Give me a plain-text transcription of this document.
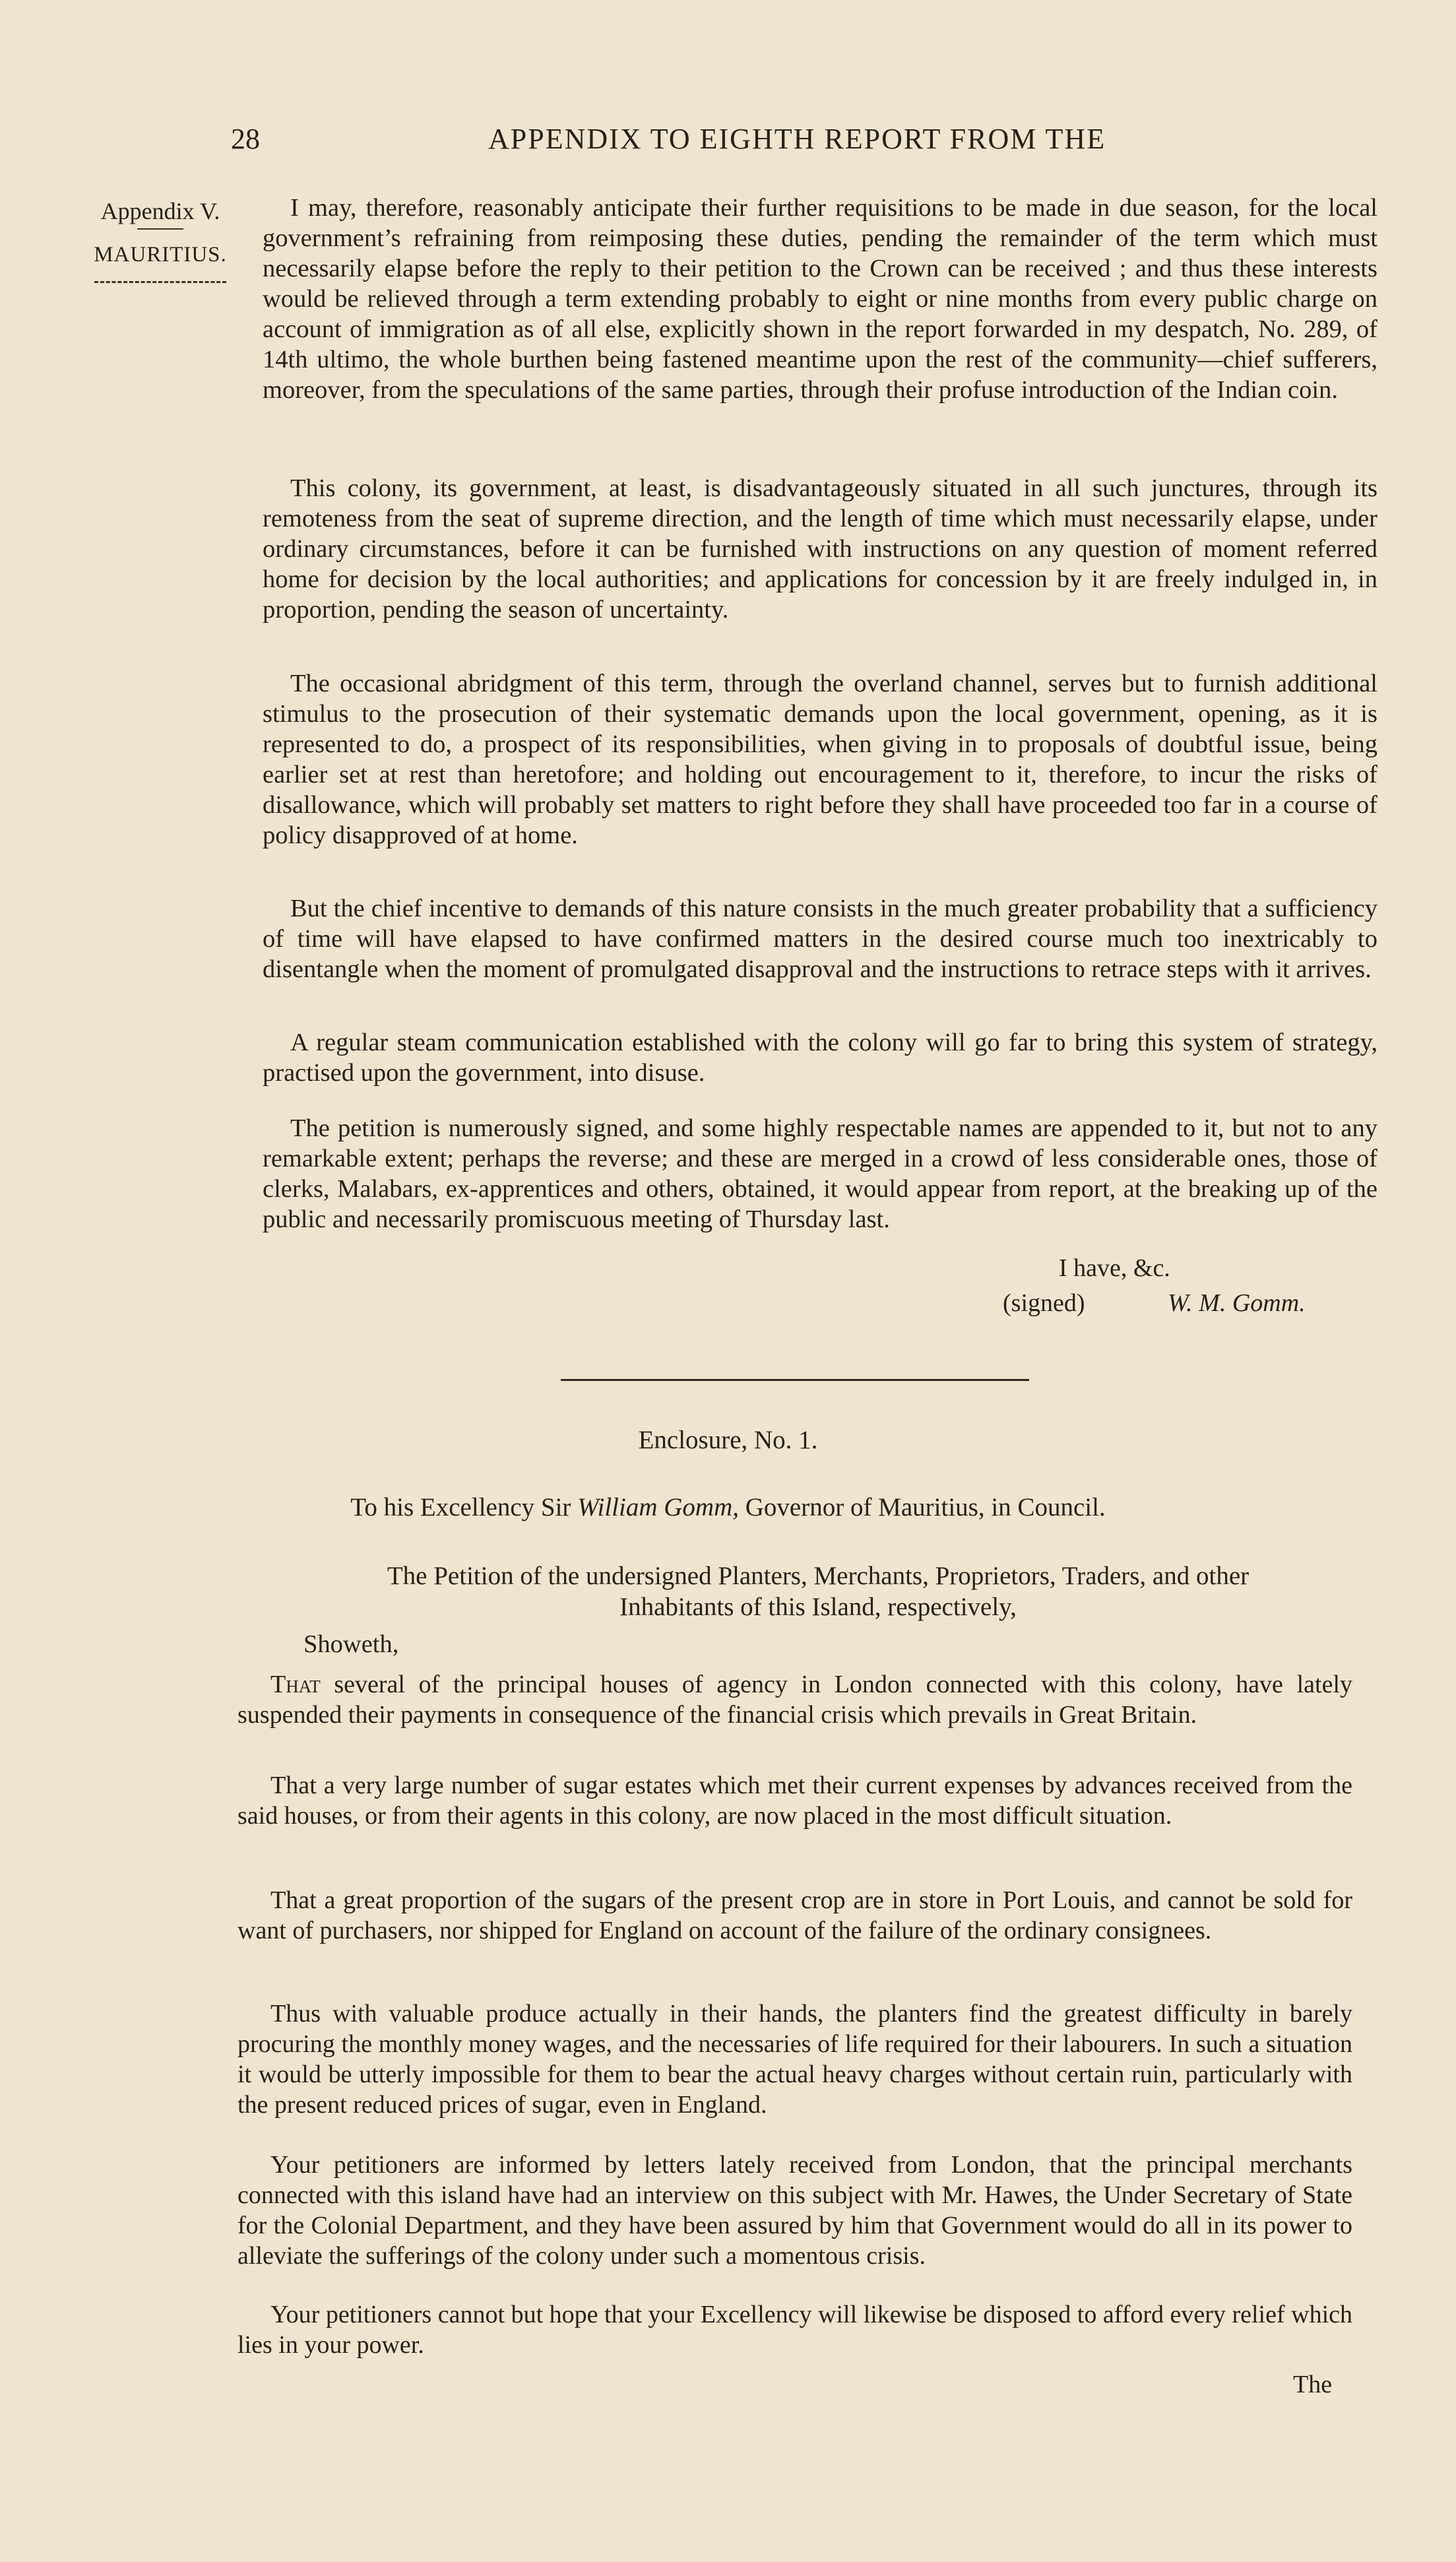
28	APPENDIX TO EIGHTH REPORT FROM THE
Appendix V.
MAURITIUS.

I may, therefore, reasonably anticipate their further requisitions to be made in due season, for the local government’s refraining from reimposing these duties, pending the remainder of the term which must necessarily elapse before the reply to their petition to the Crown can be received ; and thus these interests would be relieved through a term extending probably to eight or nine months from every public charge on account of immigration as of all else, explicitly shown in the report forwarded in my despatch, No. 289, of 14th ultimo, the whole burthen being fastened meantime upon the rest of the community—chief sufferers, moreover, from the speculations of the same parties, through their profuse introduction of the Indian coin.

This colony, its government, at least, is disadvantageously situated in all such junctures, through its remoteness from the seat of supreme direction, and the length of time which must necessarily elapse, under ordinary circumstances, before it can be furnished with instructions on any question of moment referred home for decision by the local authorities; and applications for concession by it are freely indulged in, in proportion, pending the season of uncertainty.

The occasional abridgment of this term, through the overland channel, serves but to furnish additional stimulus to the prosecution of their systematic demands upon the local government, opening, as it is represented to do, a prospect of its responsibilities, when giving in to proposals of doubtful issue, being earlier set at rest than heretofore; and holding out encouragement to it, therefore, to incur the risks of disallowance, which will probably set matters to right before they shall have proceeded too far in a course of policy disapproved of at home.

But the chief incentive to demands of this nature consists in the much greater probability that a sufficiency of time will have elapsed to have confirmed matters in the desired course much too inextricably to disentangle when the moment of promulgated disapproval and the instructions to retrace steps with it arrives.

A regular steam communication established with the colony will go far to bring this system of strategy, practised upon the government, into disuse.

The petition is numerously signed, and some highly respectable names are appended to it, but not to any remarkable extent; perhaps the reverse; and these are merged in a crowd of less considerable ones, those of clerks, Malabars, ex-apprentices and others, obtained, it would appear from report, at the breaking up of the public and necessarily promiscuous meeting of Thursday last.

I have, &c.
(signed)	W. M. Gomm.
Enclosure, No. 1.
To his Excellency Sir William Gomm, Governor of Mauritius, in Council.
The Petition of the undersigned Planters, Merchants, Proprietors, Traders, and other
Inhabitants of this Island, respectively,
Showeth,

That several of the principal houses of agency in London connected with this colony, have lately suspended their payments in consequence of the financial crisis which prevails in Great Britain.

That a very large number of sugar estates which met their current expenses by advances received from the said houses, or from their agents in this colony, are now placed in the most difficult situation.

That a great proportion of the sugars of the present crop are in store in Port Louis, and cannot be sold for want of purchasers, nor shipped for England on account of the failure of the ordinary consignees.

Thus with valuable produce actually in their hands, the planters find the greatest difficulty in barely procuring the monthly money wages, and the necessaries of life required for their labourers. In such a situation it would be utterly impossible for them to bear the actual heavy charges without certain ruin, particularly with the present reduced prices of sugar, even in England.

Your petitioners are informed by letters lately received from London, that the principal merchants connected with this island have had an interview on this subject with Mr. Hawes, the Under Secretary of State for the Colonial Department, and they have been assured by him that Government would do all in its power to alleviate the sufferings of the colony under such a momentous crisis.

Your petitioners cannot but hope that your Excellency will likewise be disposed to afford every relief which lies in your power.

The
